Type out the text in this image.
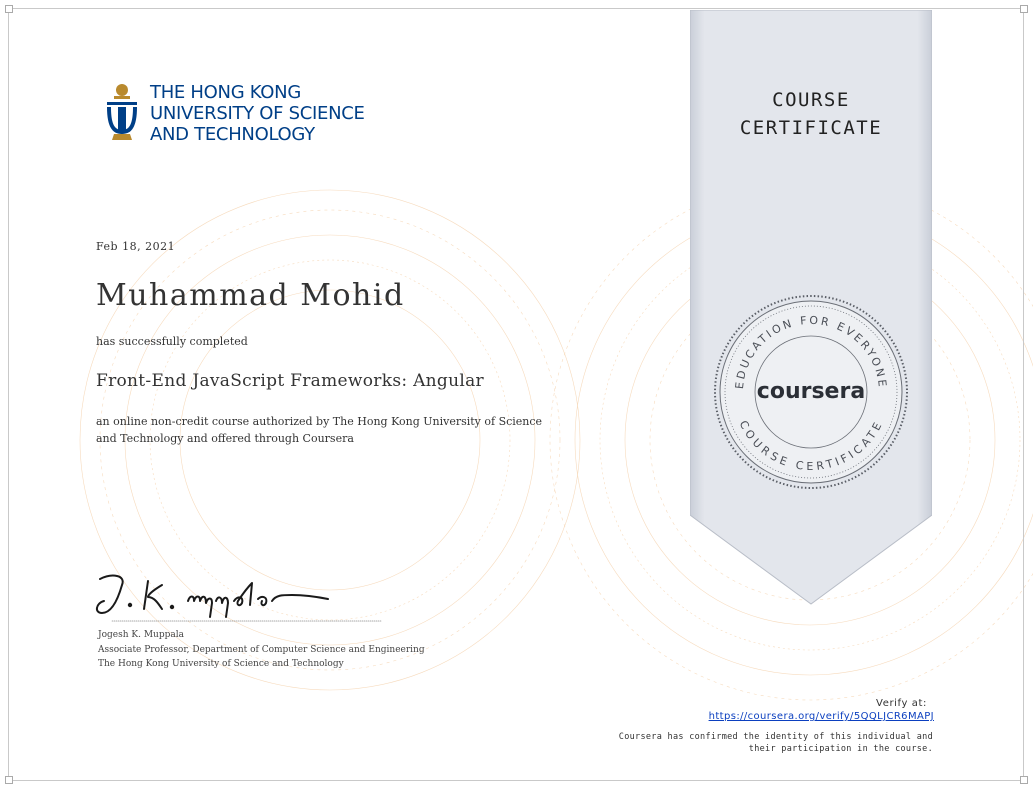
THE HONG KONG
UNIVERSITY OF SCIENCE
AND TECHNOLOGY
Feb 18, 2021
Muhammad Mohid
has successfully completed
Front-End JavaScript Frameworks: Angular
an online non-credit course authorized by The Hong Kong University of Science and Technology and offered through Coursera
Jogesh K. Muppala
Associate Professor, Department of Computer Science and Engineering
The Hong Kong University of Science and Technology
COURSE
CERTIFICATE
EDUCATION FOR EVERYONE
COURSE CERTIFICATE
coursera
Verify at:
https://coursera.org/verify/5QQLJCR6MAPJ
Coursera has confirmed the identity of this individual and their participation in the course.
